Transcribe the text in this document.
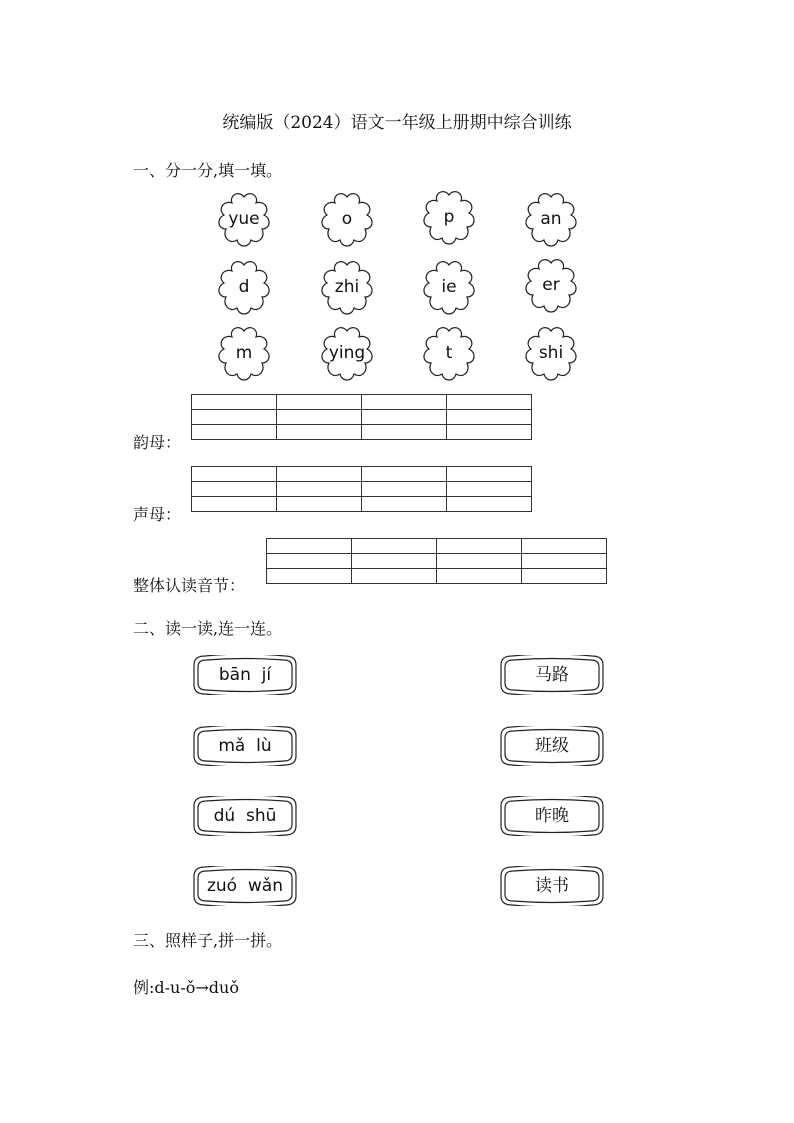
统编版（2024）语文一年级上册期中综合训练
一、分一分,填一填。
yue	o	p	an
d	zhi	ie	er
m	ying	t	shi

韵母：

声母：

整体认读音节：
二、读一读,连一连。
bān  jí
mǎ  lù
dú  shū
zuó  wǎn
马路
班级
昨晚
读书
三、照样子,拼一拼。
例:d-u-ǒ→duǒ
